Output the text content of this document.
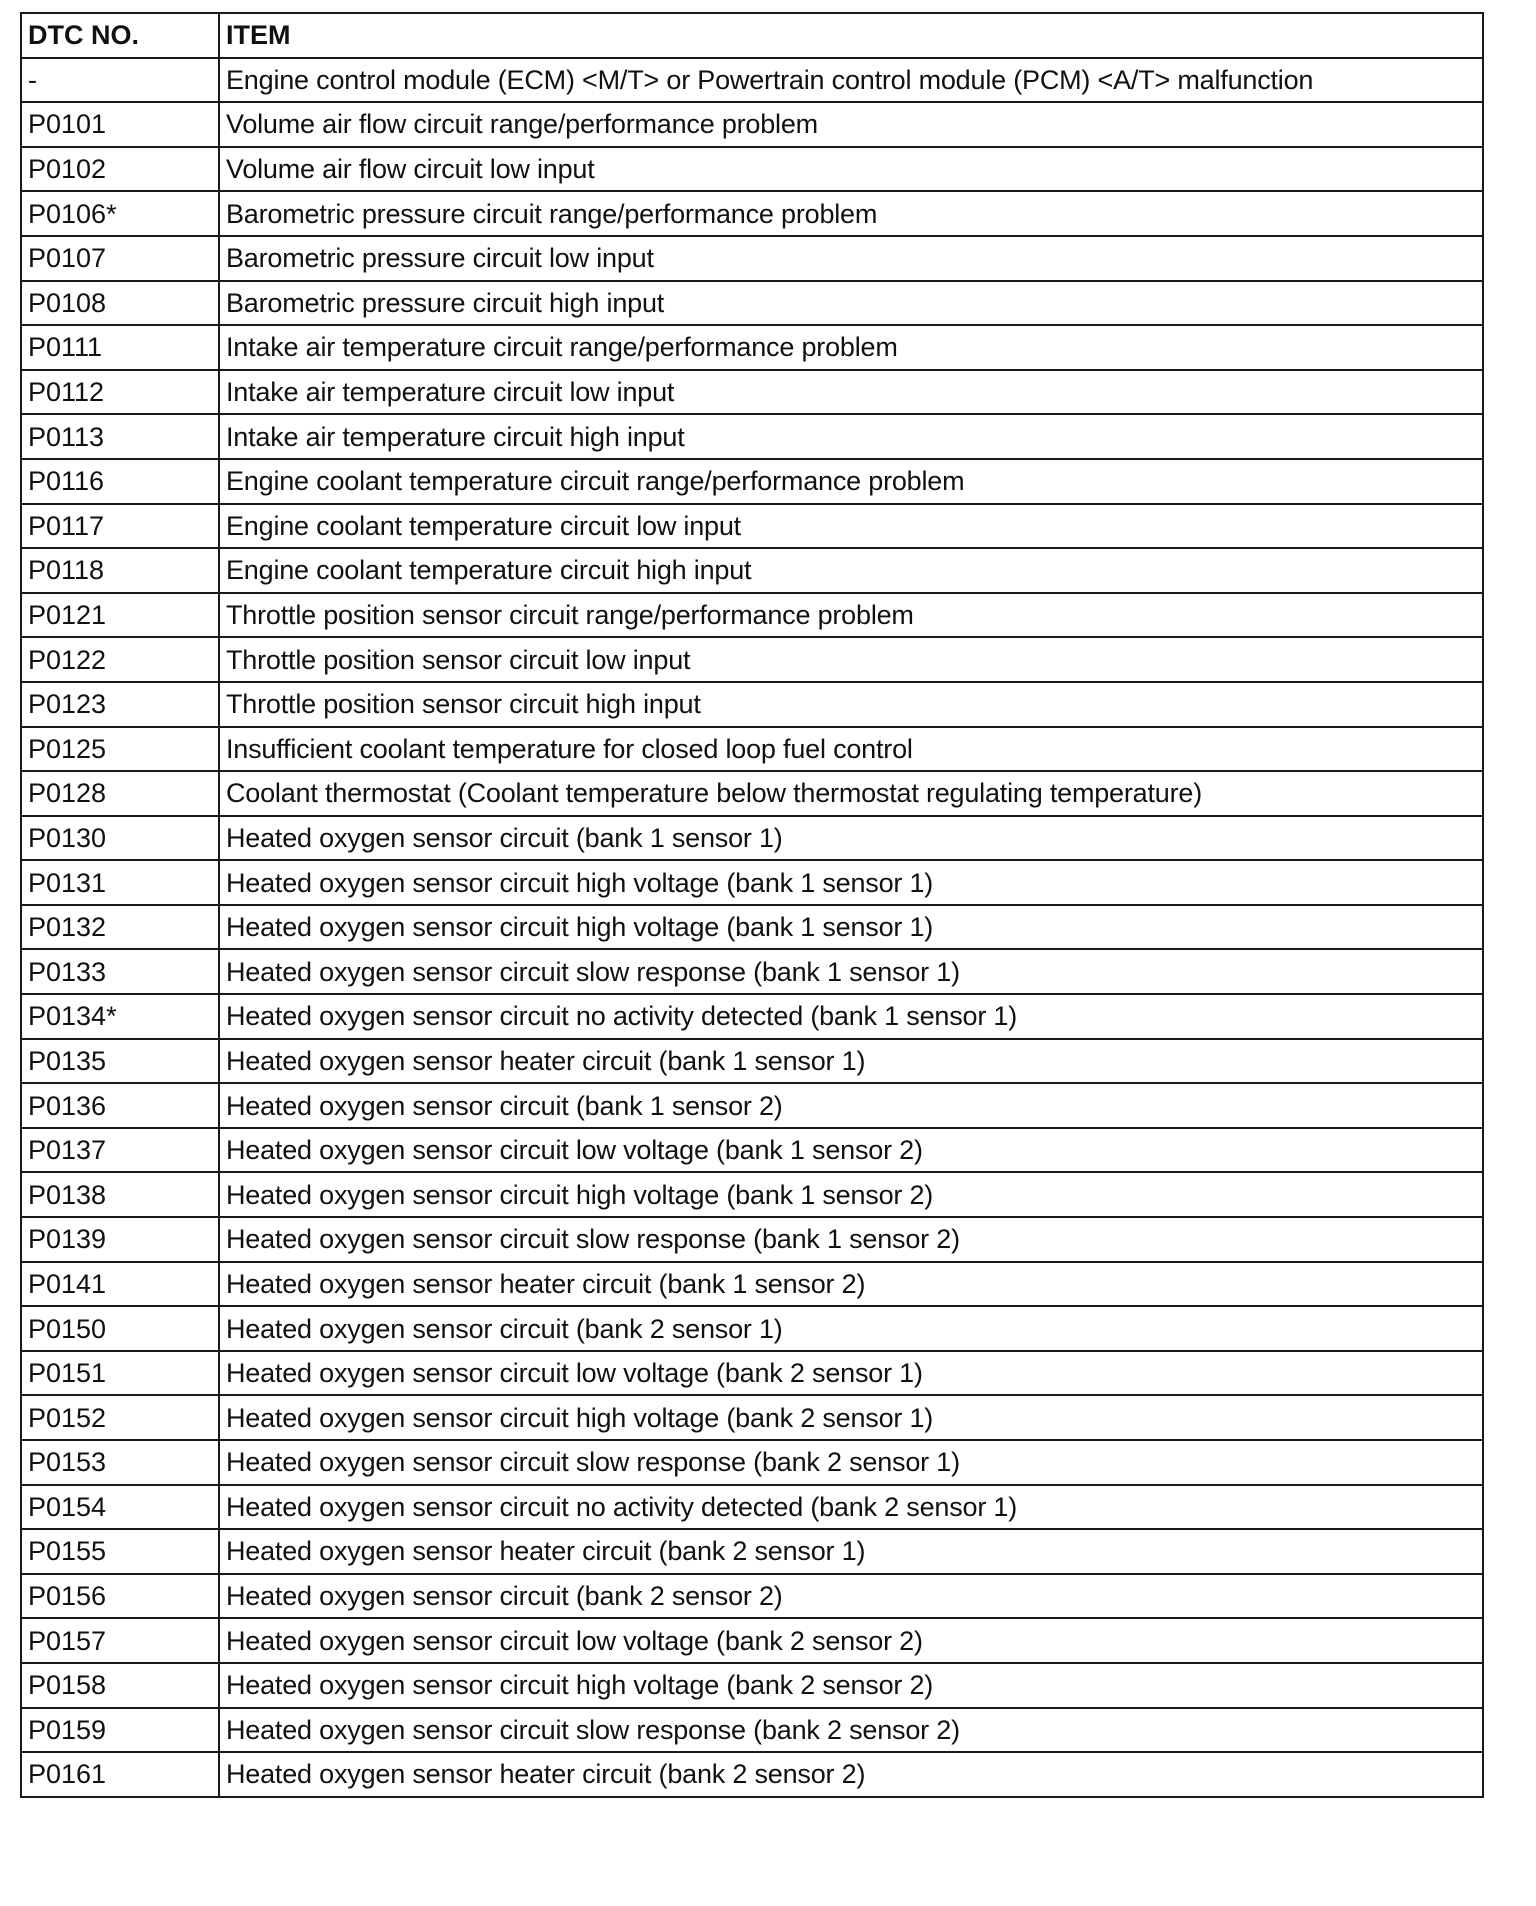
DTC NO.	ITEM
-	Engine control module (ECM) <M/T> or Powertrain control module (PCM) <A/T> malfunction
P0101	Volume air flow circuit range/performance problem
P0102	Volume air flow circuit low input
P0106*	Barometric pressure circuit range/performance problem
P0107	Barometric pressure circuit low input
P0108	Barometric pressure circuit high input
P0111	Intake air temperature circuit range/performance problem
P0112	Intake air temperature circuit low input
P0113	Intake air temperature circuit high input
P0116	Engine coolant temperature circuit range/performance problem
P0117	Engine coolant temperature circuit low input
P0118	Engine coolant temperature circuit high input
P0121	Throttle position sensor circuit range/performance problem
P0122	Throttle position sensor circuit low input
P0123	Throttle position sensor circuit high input
P0125	Insufficient coolant temperature for closed loop fuel control
P0128	Coolant thermostat (Coolant temperature below thermostat regulating temperature)
P0130	Heated oxygen sensor circuit (bank 1 sensor 1)
P0131	Heated oxygen sensor circuit high voltage (bank 1 sensor 1)
P0132	Heated oxygen sensor circuit high voltage (bank 1 sensor 1)
P0133	Heated oxygen sensor circuit slow response (bank 1 sensor 1)
P0134*	Heated oxygen sensor circuit no activity detected (bank 1 sensor 1)
P0135	Heated oxygen sensor heater circuit (bank 1 sensor 1)
P0136	Heated oxygen sensor circuit (bank 1 sensor 2)
P0137	Heated oxygen sensor circuit low voltage (bank 1 sensor 2)
P0138	Heated oxygen sensor circuit high voltage (bank 1 sensor 2)
P0139	Heated oxygen sensor circuit slow response (bank 1 sensor 2)
P0141	Heated oxygen sensor heater circuit (bank 1 sensor 2)
P0150	Heated oxygen sensor circuit (bank 2 sensor 1)
P0151	Heated oxygen sensor circuit low voltage (bank 2 sensor 1)
P0152	Heated oxygen sensor circuit high voltage (bank 2 sensor 1)
P0153	Heated oxygen sensor circuit slow response (bank 2 sensor 1)
P0154	Heated oxygen sensor circuit no activity detected (bank 2 sensor 1)
P0155	Heated oxygen sensor heater circuit (bank 2 sensor 1)
P0156	Heated oxygen sensor circuit (bank 2 sensor 2)
P0157	Heated oxygen sensor circuit low voltage (bank 2 sensor 2)
P0158	Heated oxygen sensor circuit high voltage (bank 2 sensor 2)
P0159	Heated oxygen sensor circuit slow response (bank 2 sensor 2)
P0161	Heated oxygen sensor heater circuit (bank 2 sensor 2)
